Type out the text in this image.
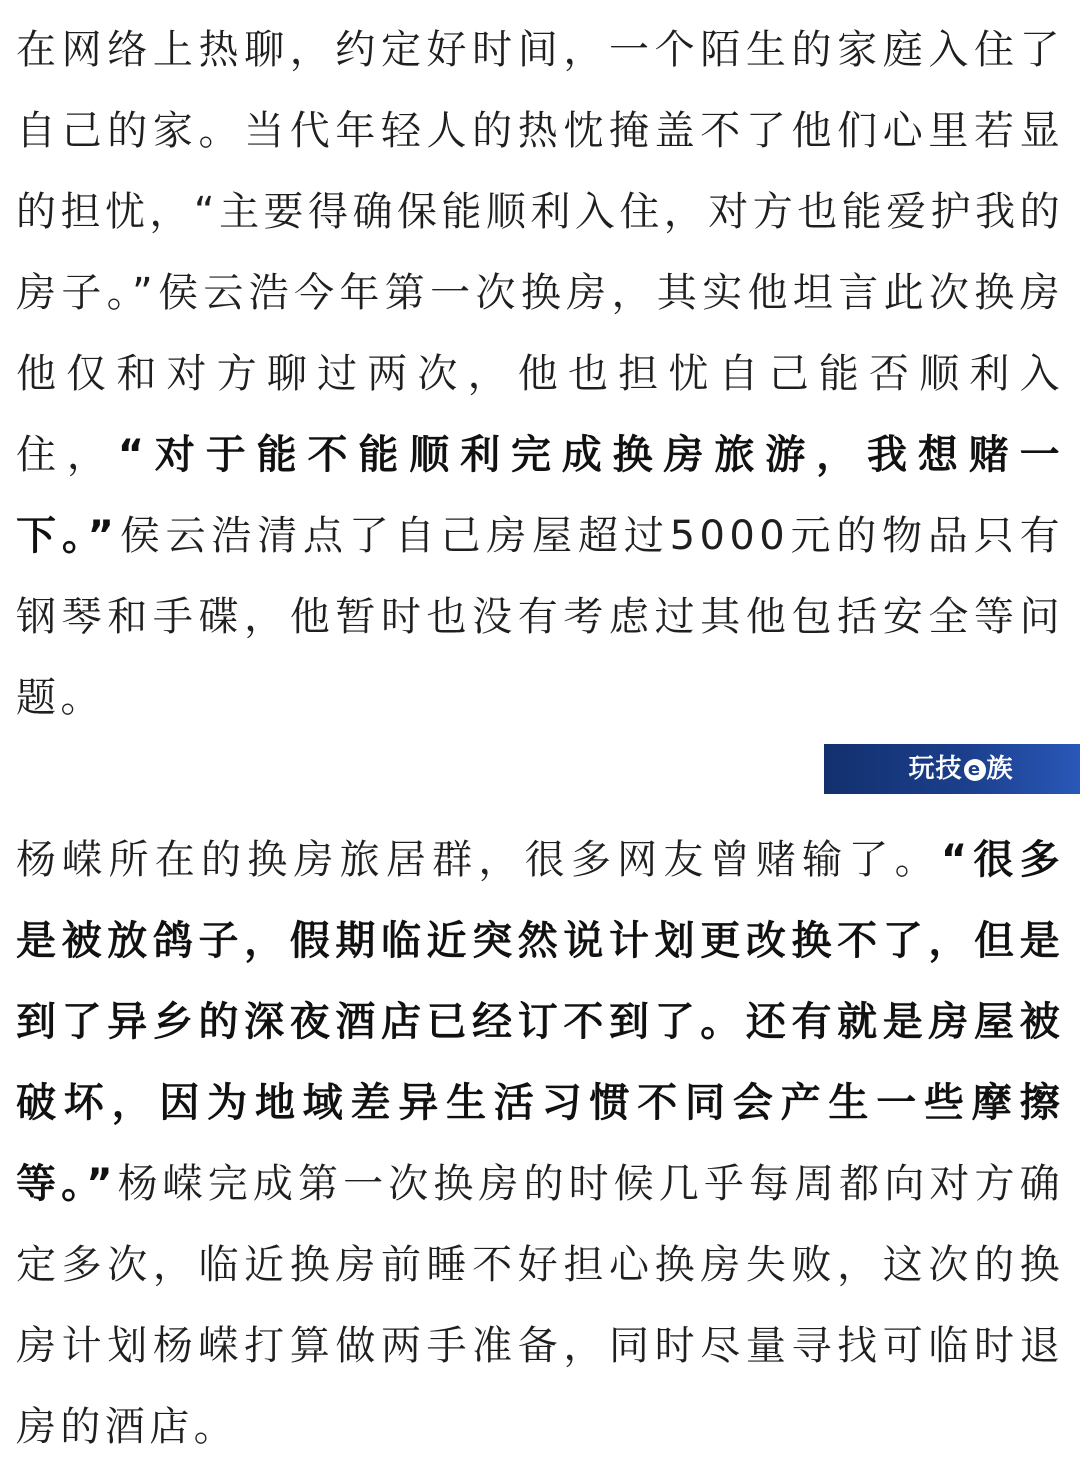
在网络上热聊，约定好时间，一个陌生的家庭入住了自己的家。当代年轻人的热忱掩盖不了他们心里若显的担忧，“主要得确保能顺利入住，对方也能爱护我的房子。”侯云浩今年第一次换房，其实他坦言此次换房他仅和对方聊过两次，他也担忧自己能否顺利入住，“对于能不能顺利完成换房旅游，我想赌一下。”侯云浩清点了自己房屋超过5000元的物品只有钢琴和手碟，他暂时也没有考虑过其他包括安全等问题。

杨嵘所在的换房旅居群，很多网友曾赌输了。“很多是被放鸽子，假期临近突然说计划更改换不了，但是到了异乡的深夜酒店已经订不到了。还有就是房屋被破坏，因为地域差异生活习惯不同会产生一些摩擦等。”杨嵘完成第一次换房的时候几乎每周都向对方确定多次，临近换房前睡不好担心换房失败，这次的换房计划杨嵘打算做两手准备，同时尽量寻找可临时退房的酒店。

玩技 e 族
